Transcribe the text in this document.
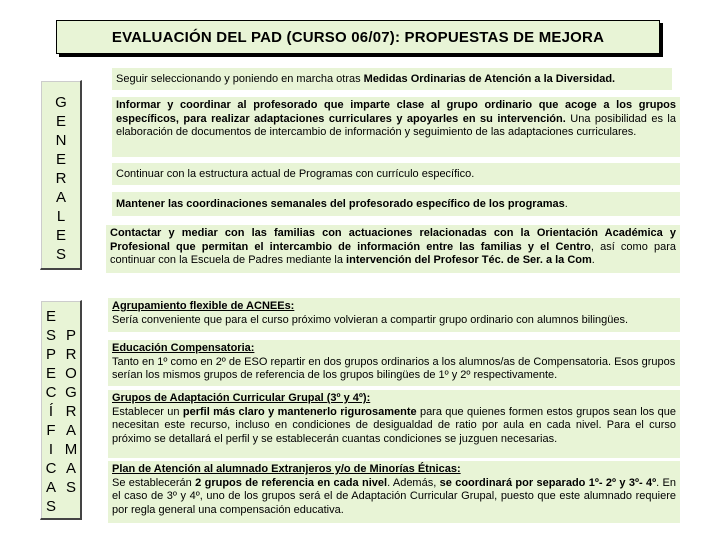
EVALUACIÓN DEL PAD (CURSO 06/07): PROPUESTAS DE MEJORA
G
E
N
E
R
A
L
E
S
E
S
P
E
C
Í
F
I
C
A
S
P
R
O
G
R
A
M
A
S
Seguir seleccionando y poniendo en marcha otras Medidas Ordinarias de Atención a la Diversidad.
Informar y coordinar al profesorado que imparte clase al grupo ordinario que acoge a los grupos específicos, para realizar adaptaciones curriculares y apoyarles en su intervención. Una posibilidad es la elaboración de documentos de intercambio de información y seguimiento de las adaptaciones curriculares.
Continuar con la estructura actual de Programas con currículo específico.
Mantener las coordinaciones semanales del profesorado específico de los programas.
Contactar y mediar con las familias con actuaciones relacionadas con la Orientación Académica y Profesional que permitan el intercambio de información entre las familias y el Centro, así como para continuar con la Escuela de Padres mediante la intervención del Profesor Téc. de Ser. a la Com.
Agrupamiento flexible de ACNEEs:
Sería conveniente que para el curso próximo volvieran a compartir grupo ordinario con alumnos bilingües.
Educación Compensatoria:
Tanto en 1º como en 2º de ESO repartir en dos grupos ordinarios a los alumnos/as de Compensatoria. Esos grupos serían los mismos grupos de referencia de los grupos bilingües de 1º y 2º respectivamente.
Grupos de Adaptación Curricular Grupal (3º y 4º):
Establecer un perfil más claro y mantenerlo rigurosamente para que quienes formen estos grupos sean los que necesitan este recurso, incluso en condiciones de desigualdad de ratio por aula en cada nivel. Para el curso próximo se detallará el perfil y se establecerán cuantas condiciones se juzguen necesarias.
Plan de Atención al alumnado Extranjeros y/o de Minorías Étnicas:
Se establecerán 2 grupos de referencia en cada nivel. Además, se coordinará por separado 1º- 2º y 3º- 4º. En el caso de 3º y 4º, uno de los grupos será el de Adaptación Curricular Grupal, puesto que este alumnado requiere por regla general una compensación educativa.
